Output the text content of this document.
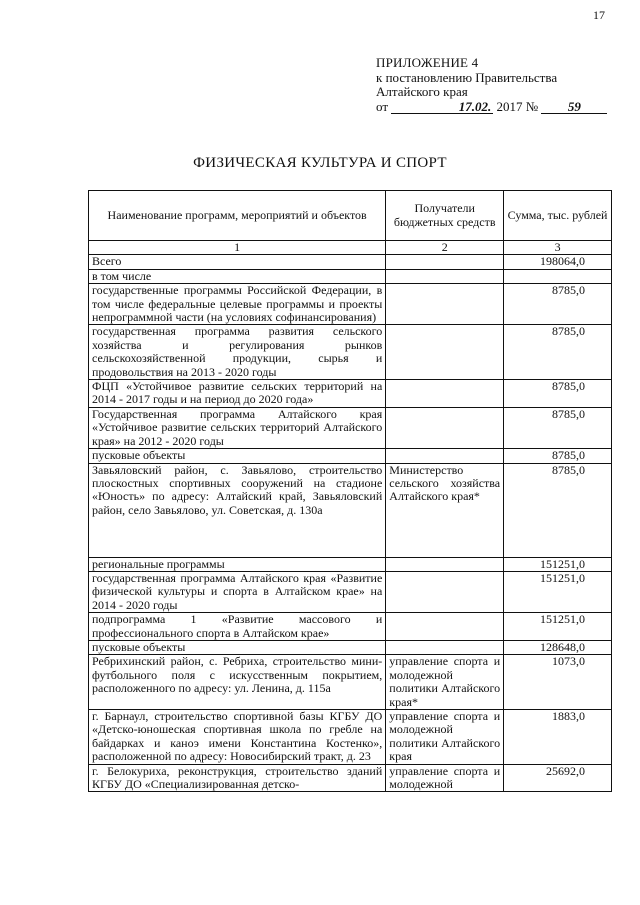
17
ПРИЛОЖЕНИЕ 4
к постановлению Правительства
Алтайского края
от	17.02. 2017 № 59
ФИЗИЧЕСКАЯ КУЛЬТУРА И СПОРТ
Наименование программ, мероприятий и объектов	Получатели бюджетных средств	Сумма, тыс. рублей
1	2	3
Всего		198064,0
в том числе		
государственные программы Российской Федерации, в том числе федеральные целевые программы и проекты непрограммной части (на условиях софинансирования)		8785,0
государственная программа развития сельского хозяйства и регулирования рынков сельскохозяйственной продукции, сырья и продовольствия на 2013 - 2020 годы		8785,0
ФЦП «Устойчивое развитие сельских территорий на 2014 - 2017 годы и на период до 2020 года»		8785,0
Государственная программа Алтайского края «Устойчивое развитие сельских территорий Алтайского края» на 2012 - 2020 годы		8785,0
пусковые объекты		8785,0
Завьяловский район, с. Завьялово, строительство плоскостных спортивных сооружений на стадионе «Юность» по адресу: Алтайский край, Завьяловский район, село Завьялово, ул. Советская, д. 130а	Министерство сельского хозяйства Алтайского края*	8785,0
региональные программы		151251,0
государственная программа Алтайского края «Развитие физической культуры и спорта в Алтайском крае» на 2014 - 2020 годы		151251,0
подпрограмма 1 «Развитие массового и профессионального спорта в Алтайском крае»		151251,0
пусковые объекты		128648,0
Ребрихинский район, с. Ребриха, строительство мини-футбольного поля с искусственным покрытием, расположенного по адресу: ул. Ленина, д. 115а	управление спорта и молодежной политики Алтайского края*	1073,0
г. Барнаул, строительство спортивной базы КГБУ ДО «Детско-юношеская спортивная школа по гребле на байдарках и каноэ имени Константина Костенко», расположенной по адресу: Новосибирский тракт, д. 23	управление спорта и молодежной политики Алтайского края	1883,0
г. Белокуриха, реконструкция, строительство зданий КГБУ ДО «Специализированная детско-	управление спорта и молодежной	25692,0
